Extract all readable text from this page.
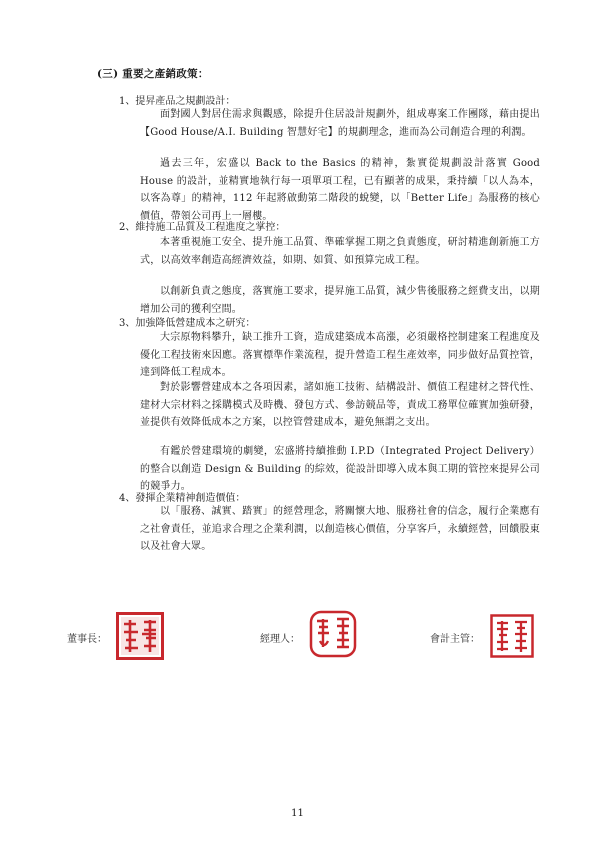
(三) 重要之產銷政策：
1、提昇產品之規劃設計：
面對國人對居住需求與觀感，除提升住居設計規劃外，組成專案工作團隊，藉由提出【Good House/A.I. Building 智慧好宅】的規劃理念，進而為公司創造合理的利潤。
過去三年，宏盛以 Back to the Basics 的精神，紮實從規劃設計落實 Good House 的設計，並精實地執行每一項單項工程，已有顯著的成果，秉持續「以人為本，以客為尊」的精神，112 年起將啟動第二階段的蛻變，以「Better Life」為服務的核心價值，帶領公司再上一層樓。
2、維持施工品質及工程進度之掌控：
本著重視施工安全、提升施工品質、準確掌握工期之負責態度，研討精進創新施工方式，以高效率創造高經濟效益，如期、如質、如預算完成工程。
以創新負責之態度，落實施工要求，提昇施工品質，減少售後服務之經費支出，以期增加公司的獲利空間。
3、加強降低營建成本之研究：
大宗原物料攀升，缺工推升工資，造成建築成本高漲，必須嚴格控制建案工程進度及優化工程技術來因應。落實標準作業流程，提升營造工程生產效率，同步做好品質控管，達到降低工程成本。
對於影響營建成本之各項因素，諸如施工技術、結構設計、價值工程建材之替代性、建材大宗材料之採購模式及時機、發包方式、參訪競品等，責成工務單位確實加強研發，並提供有效降低成本之方案，以控管營建成本，避免無謂之支出。
有鑑於營建環境的劇變，宏盛將持續推動 I.P.D（Integrated Project Delivery）的整合以創造 Design & Building 的綜效，從設計即導入成本與工期的管控來提昇公司的競爭力。
4、發揮企業精神創造價值：
以「服務、誠實、踏實」的經營理念，將關懷大地、服務社會的信念，履行企業應有之社會責任，並追求合理之企業利潤，以創造核心價值，分享客戶，永續經營，回饋股東以及社會大眾。
董事長：	經理人：	會計主管：
11
